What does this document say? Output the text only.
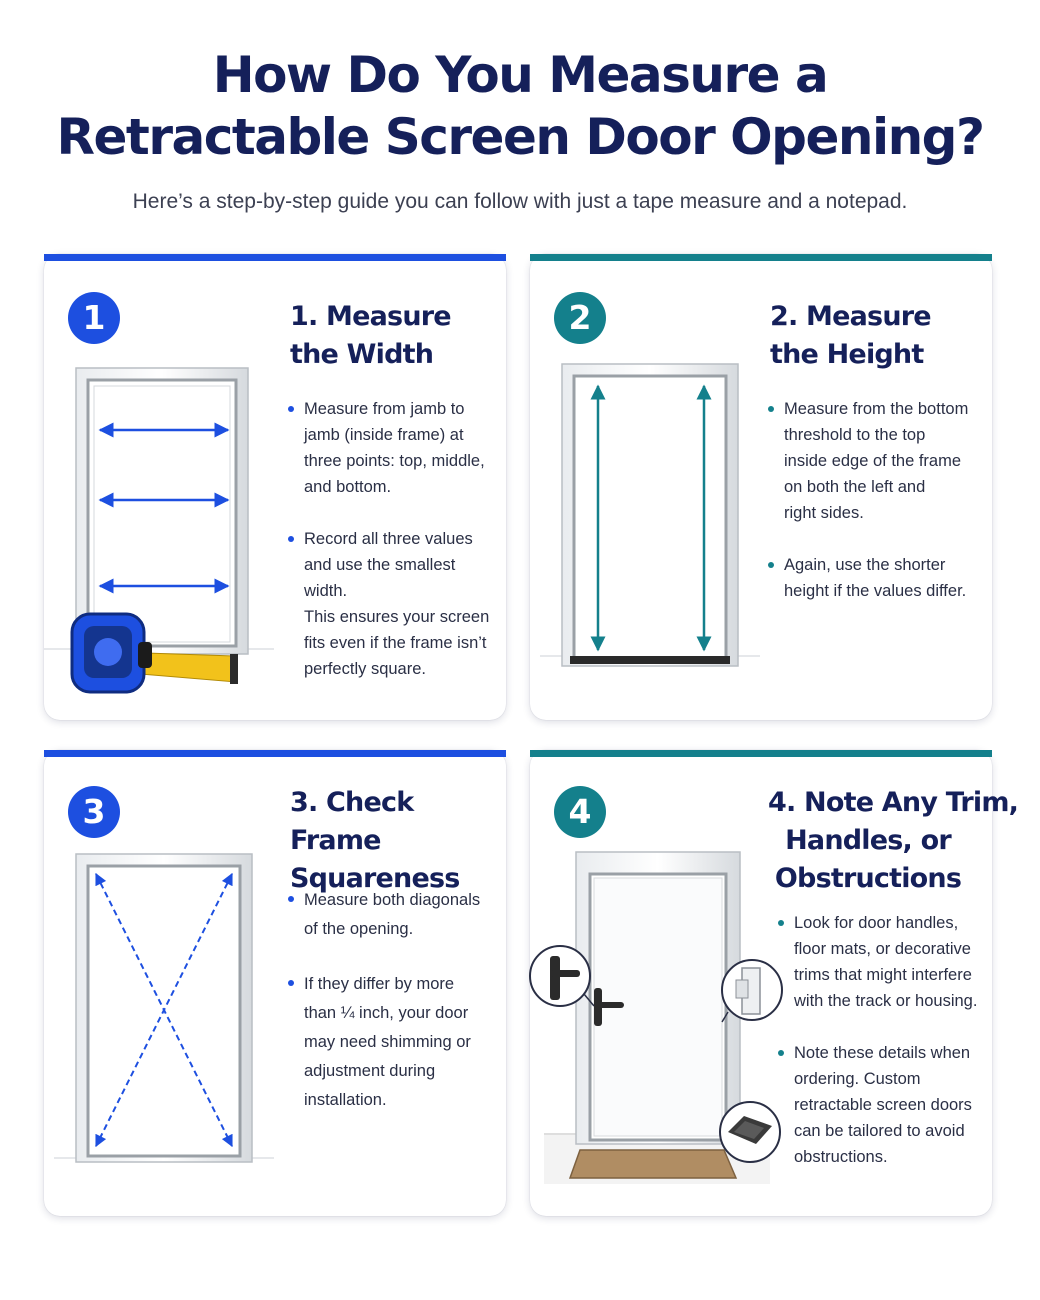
How Do You Measure a
Retractable Screen Door Opening?
Here’s a step-by-step guide you can follow with just a tape measure and a notepad.
1	1. Measure
the Width
Measure from jamb to
jamb (inside frame) at
three points: top, middle,
and bottom.
Record all three values
and use the smallest width.
This ensures your screen
fits even if the frame isn’t
perfectly square.
2	2. Measure
the Height
Measure from the bottom
threshold to the top
inside edge of the frame
on both the left and
right sides.
Again, use the shorter
height if the values differ.
3	3. Check Frame
Squareness
Measure both diagonals
of the opening.
If they differ by more
than ¼ inch, your door
may need shimming or
adjustment during
installation.
4	4. Note Any Trim,
Handles, or
Obstructions
Look for door handles,
floor mats, or decorative
trims that might interfere
with the track or housing.
Note these details when
ordering. Custom
retractable screen doors
can be tailored to avoid
obstructions.
